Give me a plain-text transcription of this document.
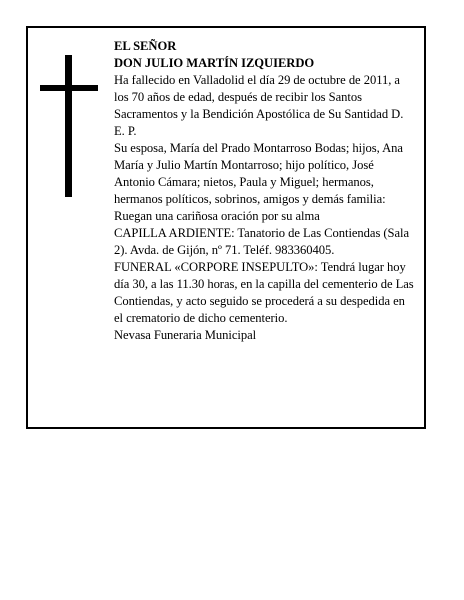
EL SEÑOR

DON JULIO MARTÍN IZQUIERDO

Ha fallecido en Valladolid el día 29 de octubre de 2011, a los 70 años de edad, después de recibir los Santos Sacramentos y la Bendición Apostólica de Su Santidad D. E. P.

Su esposa, María del Prado Montarroso Bodas; hijos, Ana María y Julio Martín Montarroso; hijo político, José Antonio Cámara; nietos, Paula y Miguel; hermanos, hermanos políticos, sobrinos, amigos y demás familia:

Ruegan una cariñosa oración por su alma

CAPILLA ARDIENTE: Tanatorio de Las Contiendas (Sala 2). Avda. de Gijón, nº 71. Teléf. 983360405.

FUNERAL «CORPORE INSEPULTO»: Tendrá lugar hoy día 30, a las 11.30 horas, en la capilla del cementerio de Las Contiendas, y acto seguido se procederá a su despedida en el crematorio de dicho cementerio.

Nevasa Funeraria Municipal
